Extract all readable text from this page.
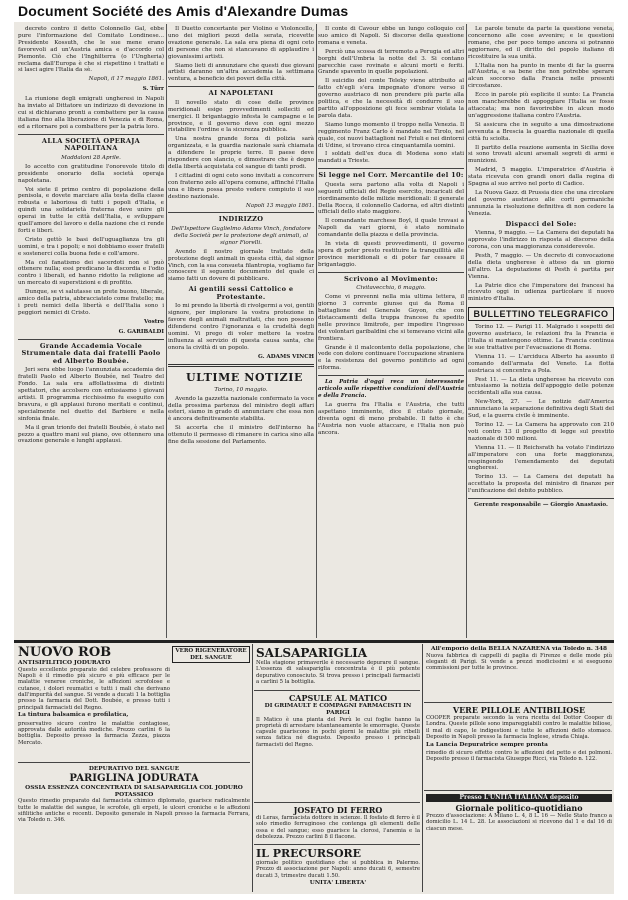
Document Société des Amis d'Alexandre Dumas

decreto contro il detto Colonnello Gal, ebbe pure l'informazione del Comitato Londinese... Presidente Kossuth, che le sue mene erano favorevoli ad un'Austria amica e d'accordo col Piemonte. Ciò che l'Inghilterra (o l'Ungheria) reclama dall'Europa è che si rispettino i trattati e si lasci agire l'Italia da sè.

Napoli, il 17 maggio 1861.

S. Türr

La riunione degli emigrati ungheresi in Napoli ha inviato al Dittatore un indirizzo di devozione in cui si dichiarano pronti a combattere per la causa italiana fino alla liberazione di Venezia e di Roma, ed a ritornare poi a combattere per la patria loro.

ALLA SOCIETÀ OPERAJA NAPOLITANA

Maddaloni 28 Aprile.

Io accetto con gratitudine l'onorevole titolo di presidente onorario della società operaja napoletana.

Voi siete il primo centro di popolazione della penisola, e dovete marciare alla testa della classe robusta e laboriosa di tutti i popoli d'Italia, e quindi una solidarietà fraterna deve unire gli operai in tutte le città dell'Italia, e sviluppare quell'amore del lavoro e della nazione che ci rende forti e liberi.

Cristo gettò le basi dell'uguaglianza tra gli uomini, e tra i popoli; e noi dobbiamo esser fratelli e sostenerci colla buona fede e coll'amore.

Ma col fanatismo dei sacerdoti non si può ottenere nulla; essi predicano la discordia e l'odio contro i liberali, ed hanno ridotto la religione ad un mercato di superstizioni e di profitto.

Dunque, se vi salutasse un prete buono, liberale, amico della patria, abbracciatelo come fratello; ma i preti nemici della libertà e dell'Italia sono i peggiori nemici di Cristo.

Vostro

G. GARIBALDI

Grande Accademia Vocale Strumentale data dai fratelli Paolo ed Alberto Boubée.

Jeri sera ebbe luogo l'annunziata accademia dei fratelli Paolo ed Alberto Boubée, nel Teatro del Fondo. La sala era affollatissima di distinti spettatori, che accolsero con entusiasmo i giovani artisti. Il programma ricchissimo fu eseguito con bravura, e gli applausi furono meritati e continui, specialmente nel duetto del Barbiere e nella sinfonia finale.

Ma il gran trionfo dei fratelli Boubée, è stato nel pezzo a quattro mani sul piano, ove ottennero una ovazione generale e lunghi applausi.

Il Duetto concertante per Violino e Violoncello, uno dei migliori pezzi della serata, ricevette ovazione generale. La sala era piena di ogni ceto di persone che non si stancavano di applaudire i giovanissimi artisti.

Siamo lieti di annunziare che questi due giovani artisti daranno un'altra accademia la settimana ventura, a beneficio dei poveri della città.

AI NAPOLETANI

Il novello stato di cose delle province meridionali esige provvedimenti solleciti ed energici. Il brigantaggio infesta le campagne e le province, e il governo deve con ogni mezzo ristabilire l'ordine e la sicurezza pubblica.

Una nostra grande forza di polizia sarà organizzata, e la guardia nazionale sarà chiamata a difendere le proprie terre. Il paese deve rispondere con slancio, e dimostrare che è degno della libertà acquistata col sangue di tanti prodi.

I cittadini di ogni ceto sono invitati a concorrere con fraterno zelo all'opera comune, affinché l'Italia una e libera possa presto vedere compiuto il suo destino nazionale.

Napoli 13 maggio 1861.

INDIRIZZO

Dell'Ispettore Guglielmo Adams Vinch, fondatore della Società per la protezione degli animali, al signor Fiorelli.

Avendo il nostro giornale trattato della protezione degli animali in questa città, dal signor Vinch, con la sua consueta filantropia, vogliamo far conoscere il seguente documento del quale ci siamo fatti un dovere di pubblicare.

Ai gentili sessi Cattolico e Protestante.

Io mi prendo la libertà di rivolgermi a voi, gentili signore, per implorare la vostra protezione in favore degli animali maltrattati, che non possono difendersi contro l'ignoranza e la crudeltà degli uomini. Vi prego di voler mettere la vostra influenza al servizio di questa causa santa, che onora la civiltà di un popolo.

G. ADAMS VINCH

ULTIME NOTIZIE

Torino, 10 maggio.

Avendo la gazzetta nazionale confermato la voce della prossima partenza del ministro degli affari esteri, siamo in grado di annunciare che essa non è ancora definitivamente stabilita.

Si accerta che il ministro dell'interno ha ottenuto il permesso di rimanere in carica sino alla fine della sessione del Parlamento.

Il conte di Cavour ebbe un lungo colloquio col suo amico di Napoli. Si discorse della questione romana e veneta.

Perciò una scossa di terremoto a Perugia ed altri borghi dell'Umbria la notte del 3. Si contano parecchie case rovinate e alcuni morti e feriti. Grande spavento in quelle popolazioni.

Il suicidio del conte Teleky viene attribuito al fatto ch'egli s'era impegnato d'onore verso il governo austriaco di non prendere più parte alla politica, e che la necessità di condurre il suo partito all'opposizione gli fece sembrar violata la parola data.

Siamo lungo momento il troppo nella Venezia. Il reggimento Franz Carlo è mandato nel Tirolo, nel quale, coi nuovi battaglioni nel Friuli e nei dintorni di Udine, si trovano circa cinquantamila uomini.

I soldati dell'ex duca di Modena sono stati mandati a Trieste.

Si legge nel Corr. Mercantile del 10:

Questa sera partono alla volta di Napoli i seguenti ufficiali del Regio esercito, incaricati del riordinamento delle milizie meridionali: il generale Della Rocca, il colonnello Cadorna, ed altri distinti ufficiali dello stato maggiore.

Il comandante marchese Boyl, il quale trovasi a Napoli da vari giorni, è stato nominato comandante della piazza e della provincia.

In vista di questi provvedimenti, il governo spera di poter presto restituire la tranquillità alle province meridionali e di poter far cessare il brigantaggio.

Scrivono al Movimento:

Civitavecchia, 6 maggio.

Come vi prevenni nella mia ultima lettera, il giorno 3 corrente giunse qui da Roma il battaglione del Generale Goyon, che con distaccamenti della truppa francese fu spedito nelle province limitrofe, per impedire l'ingresso dei volontari garibaldini che si temevano vicini alla frontiera.

Grande è il malcontento della popolazione, che vede con dolore continuare l'occupazione straniera e la resistenza del governo pontificio ad ogni riforma.

La Patria d'oggi reca un interessante articolo sulle rispettive condizioni dell'Austria e della Francia.

La guerra fra l'Italia e l'Austria, che tutti aspettano imminente, dice il citato giornale, diventa ogni dì meno probabile. Il fatto è che l'Austria non vuole attaccare, e l'Italia non può ancora.

Le parole tenute da parte la questione veneta, concernono alle cose avvenire; e le questioni romane, che per poco tempo ancora si potranno aggiornare, ed il diritto del popolo italiano di ricostituire la sua unità.

L'Italia non ha punto in mente di far la guerra all'Austria, e sa bene che non potrebbe sperare alcun soccorso dalla Francia nelle presenti circostanze.

Ecco in parole più esplicite il sunto: La Francia non mancherebbe di appoggiare l'Italia se fosse attaccata; ma non favorirebbe in alcun modo un'aggressione italiana contro l'Austria.

Si assicura che in seguito a una dimostrazione avvenuta a Brescia la guardia nazionale di quella città fu sciolta.

Il partito della reazione aumenta in Sicilia dove si sono trovati alcuni arsenali segreti di armi e munizioni.

Madrid, 5 maggio. L'imperatrice d'Austria è stata ricevuta con grandi onori dalla regina di Spagna al suo arrivo nel porto di Cadice.

La Nuova Gazz. di Prussia dice che una circolare del governo austriaco alle corti germaniche annunzia la risoluzione definitiva di non cedere la Venezia.

Dispacci del Sole:

Vienna, 9 maggio. — La Camera dei deputati ha approvato l'indirizzo in risposta al discorso della corona, con una maggioranza considerevole.

Pesth, 7 maggio. — Un decreto di convocazione della dieta ungherese è atteso da un giorno all'altro. La deputazione di Pesth è partita per Vienna.

La Patrie dice che l'imperatore dei francesi ha ricevuto oggi in udienza particolare il nuovo ministro d'Italia.

BULLETTINO TELEGRAFICO

Torino 12. — Parigi 11. Malgrado i sospetti del governo austriaco, le relazioni fra la Francia e l'Italia si mantengono ottime. La Francia continua le sue trattative per l'evacuazione di Roma.

Vienna 11. — L'arciduca Alberto ha assunto il comando dell'armata del Veneto. La flotta austriaca si concentra a Pola.

Pest 11. — La dieta ungherese ha ricevuto con entusiasmo la notizia dell'appoggio delle potenze occidentali alla sua causa.

New-York, 27. — Le notizie dall'America annunciano la separazione definitiva degli Stati del Sud, e la guerra civile è imminente.

Torino 12. — La Camera ha approvato con 210 voti contro 13 il progetto di legge sul prestito nazionale di 500 milioni.

Vienna 11. — Il Reichsrath ha votato l'indirizzo all'imperatore con una forte maggioranza, respingendo l'emendamento dei deputati ungheresi.

Torino 13. — La Camera dei deputati ha accettato la proposta del ministro di finanze per l'unificazione del debito pubblico.

Gerente responsabile — Giorgio Anastasio.

NUOVO ROB
ANTISIFILITICO JODURATO

Questo eccellente preparato del celebre professore di Napoli è il rimedio più sicuro e più efficace per le malattie veneree croniche, le affezioni scrofolose e cutanee, i dolori reumatici e tutti i mali che derivano dall'impurità del sangue. Si vende a ducati 1 la bottiglia presso la farmacia del Dott. Boubée, e presso tutti i principali farmacisti del Regno.

La tintura balsamica e profilatica,

preservativo sicuro contro le malattie contagiose, approvata dalle autorità mediche. Prezzo carlini 6 la bottiglia. Deposito presso la farmacia Zezza, piazza Mercato.

VERO RIGENERATORE DEL SANGUE
DEPURATIVO DEL SANGUE
PARIGLINA JODURATA
OSSIA ESSENZA CONCENTRATA DI SALSAPARIGLIA COL JODURO POTASSICO

Questo rimedio preparato dal farmacista chimico diplomato, guarisce radicalmente tutte le malattie del sangue, le scrofole, gli erpeti, le ulceri croniche e le affezioni sifilitiche antiche e recenti. Deposito generale in Napoli presso la farmacia Ferrara, via Toledo n. 346.

SALSAPARIGLIA

Nella stagione primaverile è necessario depurare il sangue. L'essenza di salsapariglia concentrata è il più potente depurativo conosciuto. Si trova presso i principali farmacisti a carlini 5 la bottiglia.

CAPSULE AL MATICO
DI GRIMAULT E COMPAGNI FARMACISTI IN PARIGI

Il Matico è una pianta del Perù le cui foglie hanno la proprietà di arrestare istantaneamente le emorragie. Queste capsule guariscono in pochi giorni le malattie più ribelli senza fatica né disgusto. Deposito presso i principali farmacisti del Regno.

JOSFATO DI FERRO

di Leras, farmacista dottore in scienze. Il fosfato di ferro è il solo rimedio ferruginoso che contenga gli elementi delle ossa e del sangue; esso guarisce la clorosi, l'anemia e la debolezza. Prezzo carlini 8 il flacone.

IL PRECURSORE

giornale politico quotidiano che si pubblica in Palermo. Prezzo di associazione per Napoli: anno ducati 6, semestre ducati 3, trimestre ducati 1.50.

UNITA' LIBERTA'
All'emporio della BELLA NAZARENA via Toledo n. 348

Nuova fabbrica di cappelli di paglia di Firenze e delle mode più eleganti di Parigi. Si vende a prezzi modicissimi e si eseguono commissioni per tutte le province.

VERE PILLOLE ANTIBILIOSE

COOPER preparate secondo la vera ricetta del Dottor Cooper di Londra. Queste pillole sono impareggiabili contro le malattie biliose, il mal di capo, le indigestioni e tutte le affezioni dello stomaco. Deposito in Napoli presso la farmacia Inglese, strada Chiaja.

La Lancia Depuratrice sempre pronta

rimedio di sicuro effetto contro le affezioni del petto e dei polmoni. Deposito presso il farmacista Giuseppe Ricci, via Toledo n. 122.

Presso L'UNITÀ ITALIANA deposito
Giornale politico-quotidiano

Prezzo d'associazione: A Milano L. 4, 8 L. 16 — Nelle Stato franco a domicilio L. 14 L. 28. Le associazioni si ricevono dal 1 e dal 16 di ciascun mese.
